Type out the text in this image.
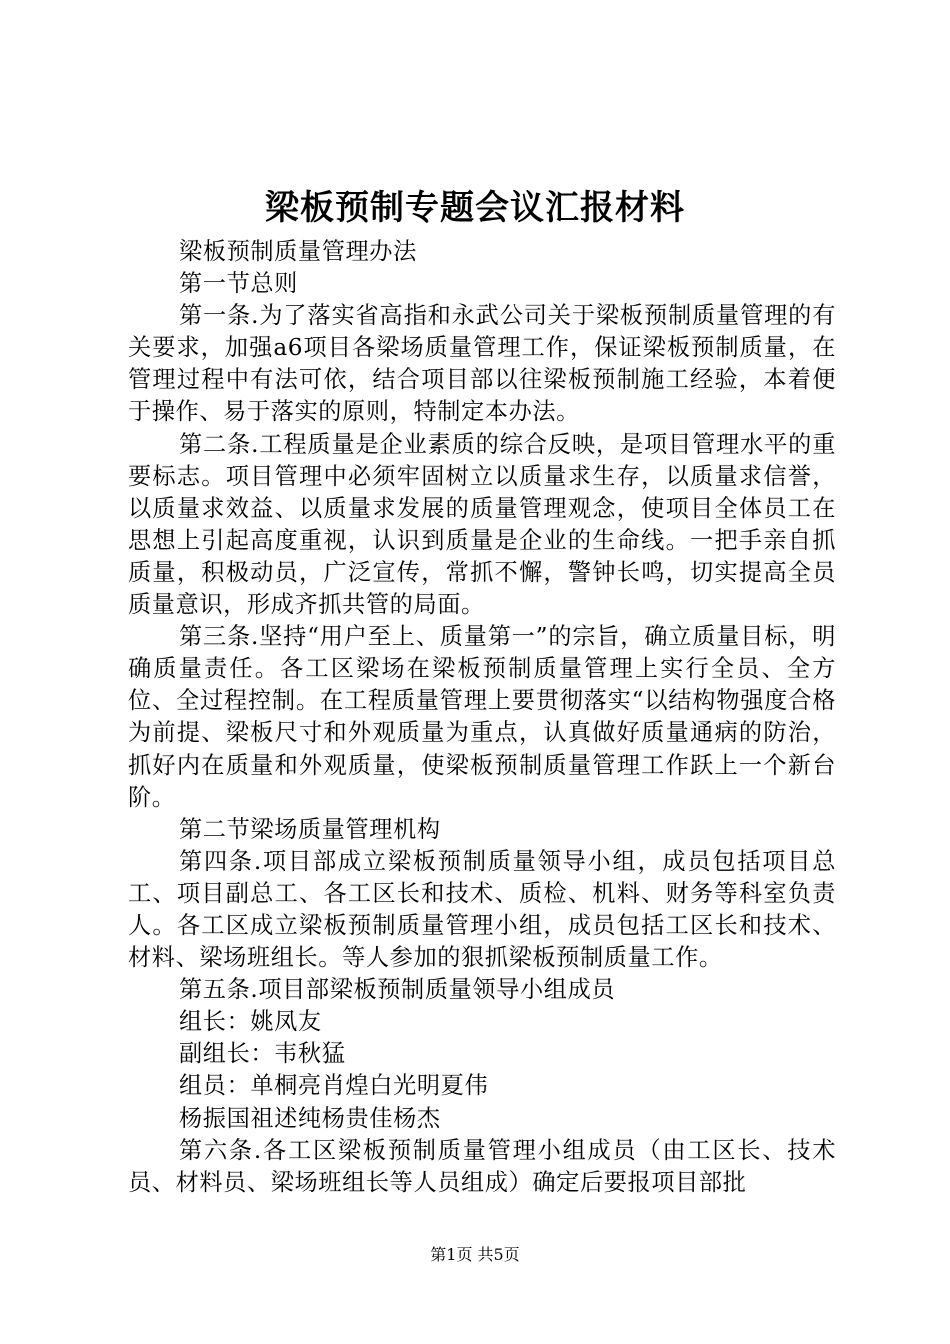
梁板预制专题会议汇报材料

梁板预制质量管理办法

第一节总则

第一条.为了落实省高指和永武公司关于梁板预制质量管理的有关要求，加强a6项目各梁场质量管理工作，保证梁板预制质量，在管理过程中有法可依，结合项目部以往梁板预制施工经验，本着便于操作、易于落实的原则，特制定本办法。

第二条.工程质量是企业素质的综合反映，是项目管理水平的重要标志。项目管理中必须牢固树立以质量求生存，以质量求信誉，以质量求效益、以质量求发展的质量管理观念，使项目全体员工在思想上引起高度重视，认识到质量是企业的生命线。一把手亲自抓质量，积极动员，广泛宣传，常抓不懈，警钟长鸣，切实提高全员质量意识，形成齐抓共管的局面。

第三条.坚持“用户至上、质量第一”的宗旨，确立质量目标，明确质量责任。各工区梁场在梁板预制质量管理上实行全员、全方位、全过程控制。在工程质量管理上要贯彻落实“以结构物强度合格为前提、梁板尺寸和外观质量为重点，认真做好质量通病的防治，抓好内在质量和外观质量，使梁板预制质量管理工作跃上一个新台阶。

第二节梁场质量管理机构

第四条.项目部成立梁板预制质量领导小组，成员包括项目总工、项目副总工、各工区长和技术、质检、机料、财务等科室负责人。各工区成立梁板预制质量管理小组，成员包括工区长和技术、材料、梁场班组长。等人参加的狠抓梁板预制质量工作。

第五条.项目部梁板预制质量领导小组成员

组长：姚凤友

副组长：韦秋猛

组员：单桐亮肖煌白光明夏伟

杨振国祖述纯杨贵佳杨杰

第六条.各工区梁板预制质量管理小组成员（由工区长、技术员、材料员、梁场班组长等人员组成）确定后要报项目部批

第1页 共5页
